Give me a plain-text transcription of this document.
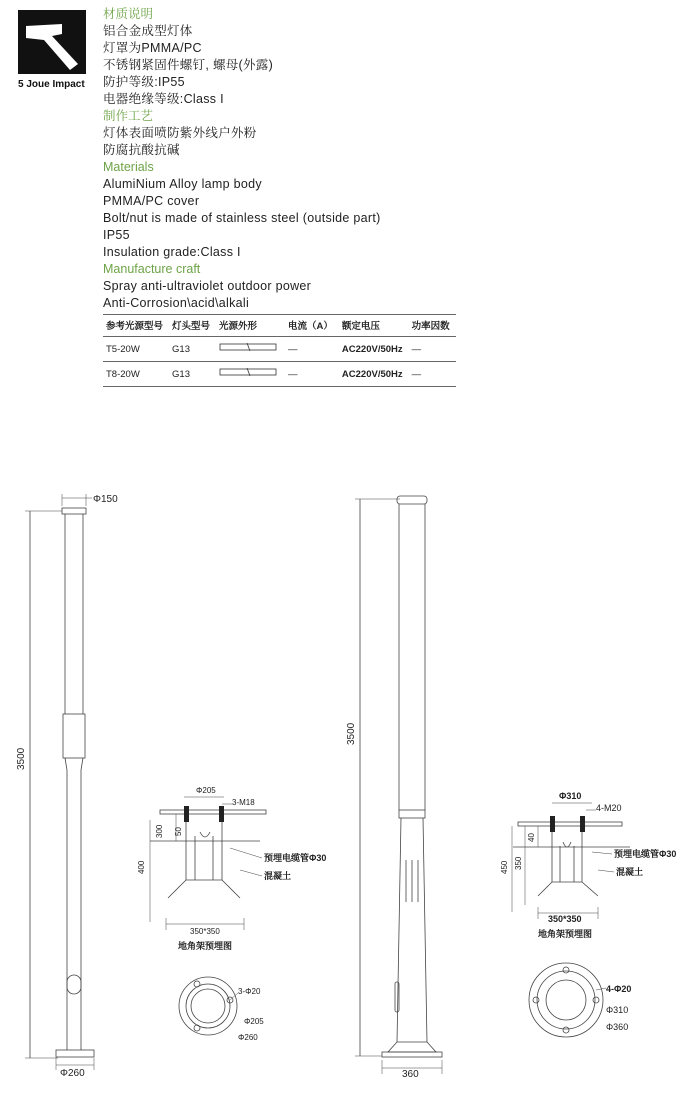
5 Joue Impact
材质说明
铝合金成型灯体
灯罩为PMMA/PC
不锈钢紧固件螺钉, 螺母(外露)
防护等级:IP55
电器绝缘等级:Class I
制作工艺
灯体表面喷防紫外线户外粉
防腐抗酸抗碱
Materials
AlumiNium Alloy lamp body
PMMA/PC cover
Bolt/nut is made of stainless steel (outside part)
IP55
Insulation grade:Class I
Manufacture craft
Spray anti-ultraviolet outdoor power
Anti-Corrosion\acid\alkali
参考光源型号	灯头型号	光源外形	电流（A）	额定电压	功率因数
T5-20W	G13		—	AC220V/50Hz	—
T8-20W	G13		—	AC220V/50Hz	—
3500
Φ150
Φ260
Φ205
3-M18
300 50
400
预埋电缆管Φ30
混凝土
350*350
地角架预埋图
3-Φ20
Φ205
Φ260
3500
360
Φ310
4-M20
40
350
450
预埋电缆管Φ30
混凝土
350*350
地角架预埋图
4-Φ20
Φ310
Φ360
